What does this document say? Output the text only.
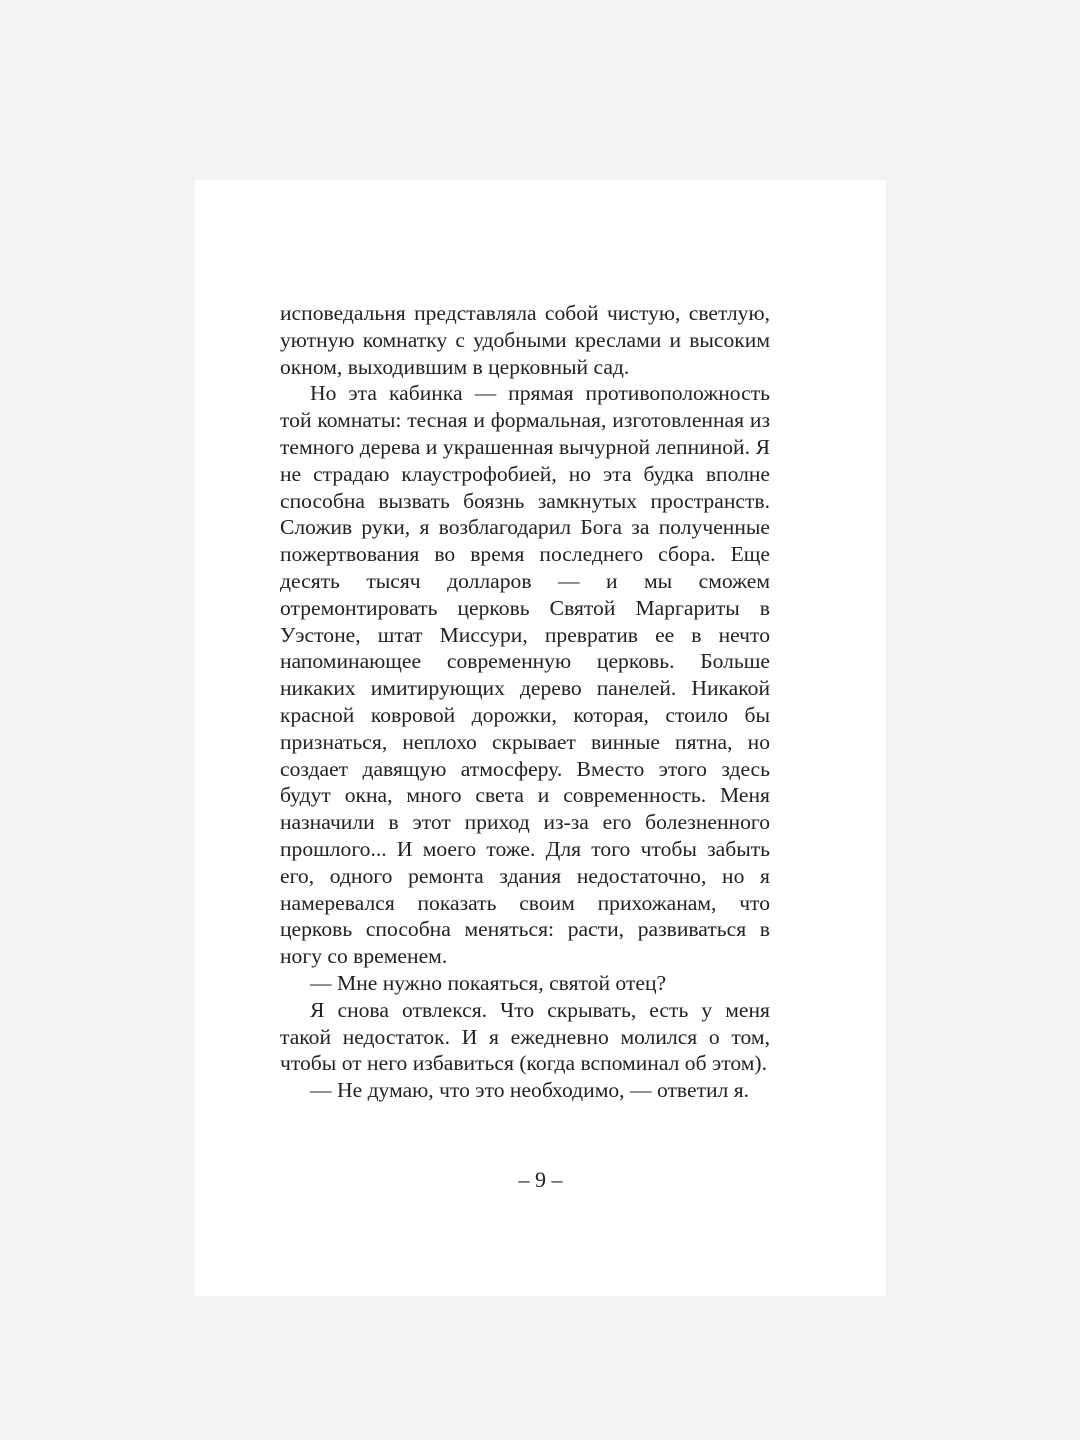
исповедальня представляла собой чистую, светлую, уютную комнатку с удобными креслами и высоким окном, выходившим в церковный сад.

Но эта кабинка — прямая противоположность той комнаты: тесная и формальная, изготовленная из темного дерева и украшенная вычурной лепниной. Я не страдаю клаустрофобией, но эта будка вполне способна вызвать боязнь замкнутых пространств. Сложив руки, я возблагодарил Бога за полученные пожертвования во время последнего сбора. Еще десять тысяч долларов — и мы сможем отремонтировать церковь Святой Маргариты в Уэстоне, штат Миссури, превратив ее в нечто напоминающее современную церковь. Больше никаких имитирующих дерево панелей. Никакой красной ковровой дорожки, которая, стоило бы признаться, неплохо скрывает винные пятна, но создает давящую атмосферу. Вместо этого здесь будут окна, много света и современность. Меня назначили в этот приход из-за его болезненного прошлого... И моего тоже. Для того чтобы забыть его, одного ремонта здания недостаточно, но я намеревался показать своим прихожанам, что церковь способна меняться: расти, развиваться в ногу со временем.

— Мне нужно покаяться, святой отец?

Я снова отвлекся. Что скрывать, есть у меня такой недостаток. И я ежедневно молился о том, чтобы от него избавиться (когда вспоминал об этом).

— Не думаю, что это необходимо, — ответил я.

– 9 –
